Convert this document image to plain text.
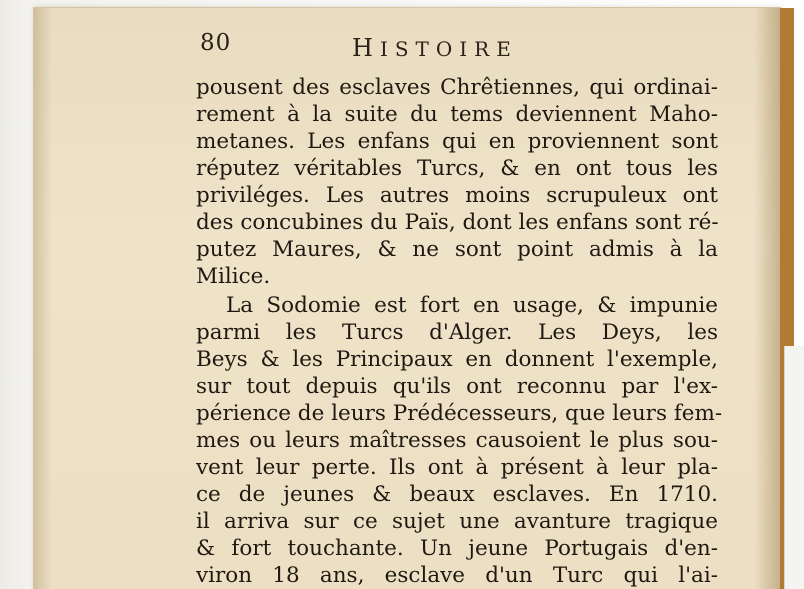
80	HISTOIRE
pousent des esclaves Chrêtiennes, qui ordinai-
rement à la suite du tems deviennent Maho-
metanes. Les enfans qui en proviennent sont
réputez véritables Turcs, & en ont tous les
priviléges. Les autres moins scrupuleux ont
des concubines du Païs, dont les enfans sont ré-
putez Maures, & ne sont point admis à la
Milice.
La Sodomie est fort en usage, & impunie
parmi les Turcs d'Alger. Les Deys, les
Beys & les Principaux en donnent l'exemple,
sur tout depuis qu'ils ont reconnu par l'ex-
périence de leurs Prédécesseurs, que leurs fem-
mes ou leurs maîtresses causoient le plus sou-
vent leur perte. Ils ont à présent à leur pla-
ce de jeunes & beaux esclaves. En 1710.
il arriva sur ce sujet une avanture tragique
& fort touchante. Un jeune Portugais d'en-
viron 18 ans, esclave d'un Turc qui l'ai-
